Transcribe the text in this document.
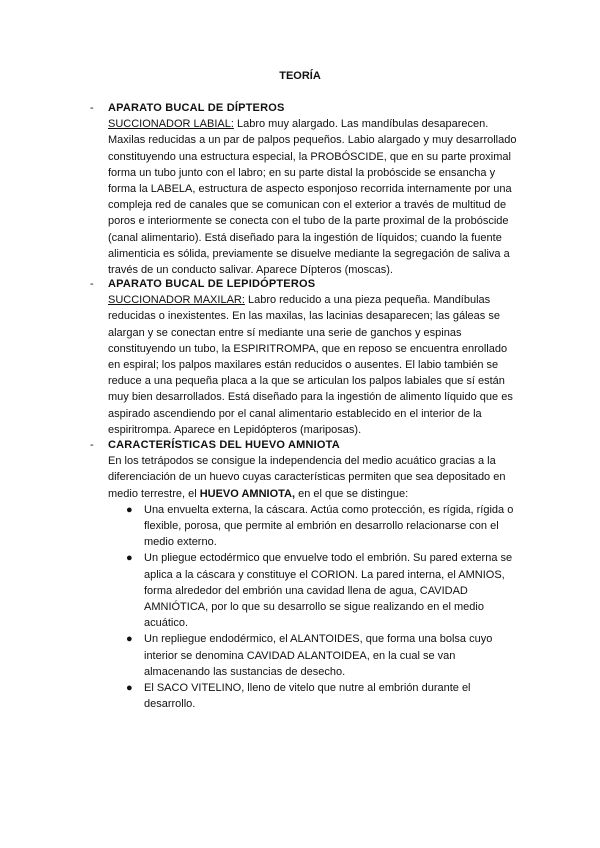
TEORÍA
- APARATO BUCAL DE DÍPTEROS
SUCCIONADOR LABIAL: Labro muy alargado. Las mandíbulas desaparecen. Maxilas reducidas a un par de palpos pequeños. Labio alargado y muy desarrollado constituyendo una estructura especial, la PROBÓSCIDE, que en su parte proximal forma un tubo junto con el labro; en su parte distal la probóscide se ensancha y forma la LABELA, estructura de aspecto esponjoso recorrida internamente por una compleja red de canales que se comunican con el exterior a través de multitud de poros e interiormente se conecta con el tubo de la parte proximal de la probóscide (canal alimentario). Está diseñado para la ingestión de líquidos; cuando la fuente alimenticia es sólida, previamente se disuelve mediante la segregación de saliva a través de un conducto salivar. Aparece Dípteros (moscas).
- APARATO BUCAL DE LEPIDÓPTEROS
SUCCIONADOR MAXILAR: Labro reducido a una pieza pequeña. Mandíbulas reducidas o inexistentes. En las maxilas, las lacinias desaparecen; las gáleas se alargan y se conectan entre sí mediante una serie de ganchos y espinas constituyendo un tubo, la ESPIRITROMPA, que en reposo se encuentra enrollado en espiral; los palpos maxilares están reducidos o ausentes. El labio también se reduce a una pequeña placa a la que se articulan los palpos labiales que sí están muy bien desarrollados. Está diseñado para la ingestión de alimento líquido que es aspirado ascendiendo por el canal alimentario establecido en el interior de la espiritrompa. Aparece en Lepidópteros (mariposas).
- CARACTERÍSTICAS DEL HUEVO AMNIOTA
En los tetrápodos se consigue la independencia del medio acuático gracias a la diferenciación de un huevo cuyas características permiten que sea depositado en medio terrestre, el HUEVO AMNIOTA, en el que se distingue:
● Una envuelta externa, la cáscara. Actúa como protección, es rígida, rígida o flexible, porosa, que permite al embrión en desarrollo relacionarse con el medio externo.
● Un pliegue ectodérmico que envuelve todo el embrión. Su pared externa se aplica a la cáscara y constituye el CORION. La pared interna, el AMNIOS, forma alrededor del embrión una cavidad llena de agua, CAVIDAD AMNIÓTICA, por lo que su desarrollo se sigue realizando en el medio acuático.
● Un repliegue endodérmico, el ALANTOIDES, que forma una bolsa cuyo interior se denomina CAVIDAD ALANTOIDEA, en la cual se van almacenando las sustancias de desecho.
● El SACO VITELINO, lleno de vitelo que nutre al embrión durante el desarrollo.
